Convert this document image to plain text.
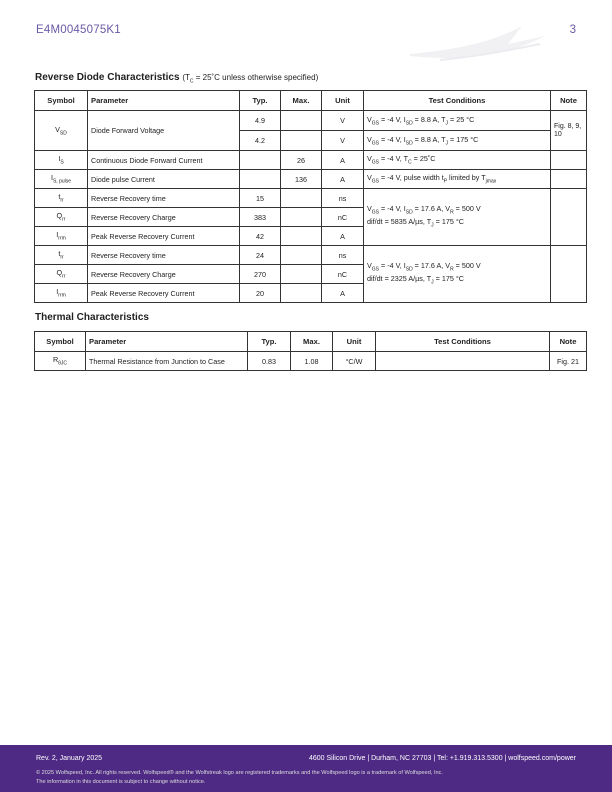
E4M0045075K1	3
Reverse Diode Characteristics ($T_C$ = 25˚C unless otherwise specified)
Symbol	Parameter	Typ.	Max.	Unit	Test Conditions	Note
$V_{SD}$	Diode Forward Voltage	4.9		V	$V_{GS} = -4$ V, $I_{SD} = 8.8$ A, $T_J = 25$ °C	Fig. 8, 9, 10
		4.2		V	$V_{GS} = -4$ V, $I_{SD} = 8.8$ A, $T_J = 175$ °C	
$I_S$	Continuous Diode Forward Current		26	A	$V_{GS} = -4$ V, $T_C$ = 25˚C	
$I_{S, pulse}$	Diode pulse Current		136	A	$V_{GS} = -4$ V, pulse width $t_P$ limited by $T_{jmax}$	
$t_{rr}$	Reverse Recovery time	15		ns	$V_{GS} = -4$ V, $I_{SD} = 17.6$ A, $V_R = 500$ V
dif/dt = 5835 A/µs, $T_J = 175$ °C	
$Q_{rr}$	Reverse Recovery Charge	383		nC		
$I_{rrm}$	Peak Reverse Recovery Current	42		A		
$t_{rr}$	Reverse Recovery time	24		ns	$V_{GS} = -4$ V, $I_{SD} = 17.6$ A, $V_R = 500$ V
dif/dt = 2325 A/µs, $T_J = 175$ °C	
$Q_{rr}$	Reverse Recovery Charge	270		nC		
$I_{rrm}$	Peak Reverse Recovery Current	20		A		
Thermal Characteristics
Symbol	Parameter	Typ.	Max.	Unit	Test Conditions	Note
$R_{\theta JC}$	Thermal Resistance from Junction to Case	0.83	1.08	°C/W		Fig. 21
Rev. 2, January 2025	4600 Silicon Drive | Durham, NC 27703 | Tel: +1.919.313.5300 | wolfspeed.com/power
© 2025 Wolfspeed, Inc. All rights reserved. Wolfspeed® and the Wolfstreak logo are registered trademarks and the Wolfspeed logo is a trademark of Wolfspeed, Inc.
The information in this document is subject to change without notice.
